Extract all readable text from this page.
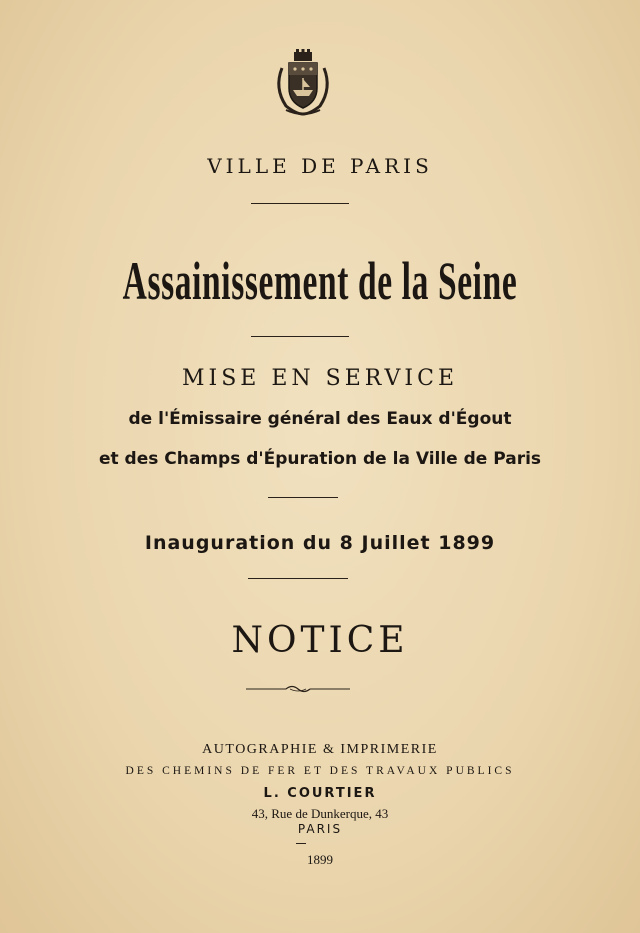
VILLE DE PARIS
Assainissement de la Seine
MISE EN SERVICE
de l'Émissaire général des Eaux d'Égout
et des Champs d'Épuration de la Ville de Paris
Inauguration du 8 Juillet 1899
NOTICE
AUTOGRAPHIE & IMPRIMERIE
DES CHEMINS DE FER ET DES TRAVAUX PUBLICS
L. COURTIER
43, Rue de Dunkerque, 43
PARIS
1899
